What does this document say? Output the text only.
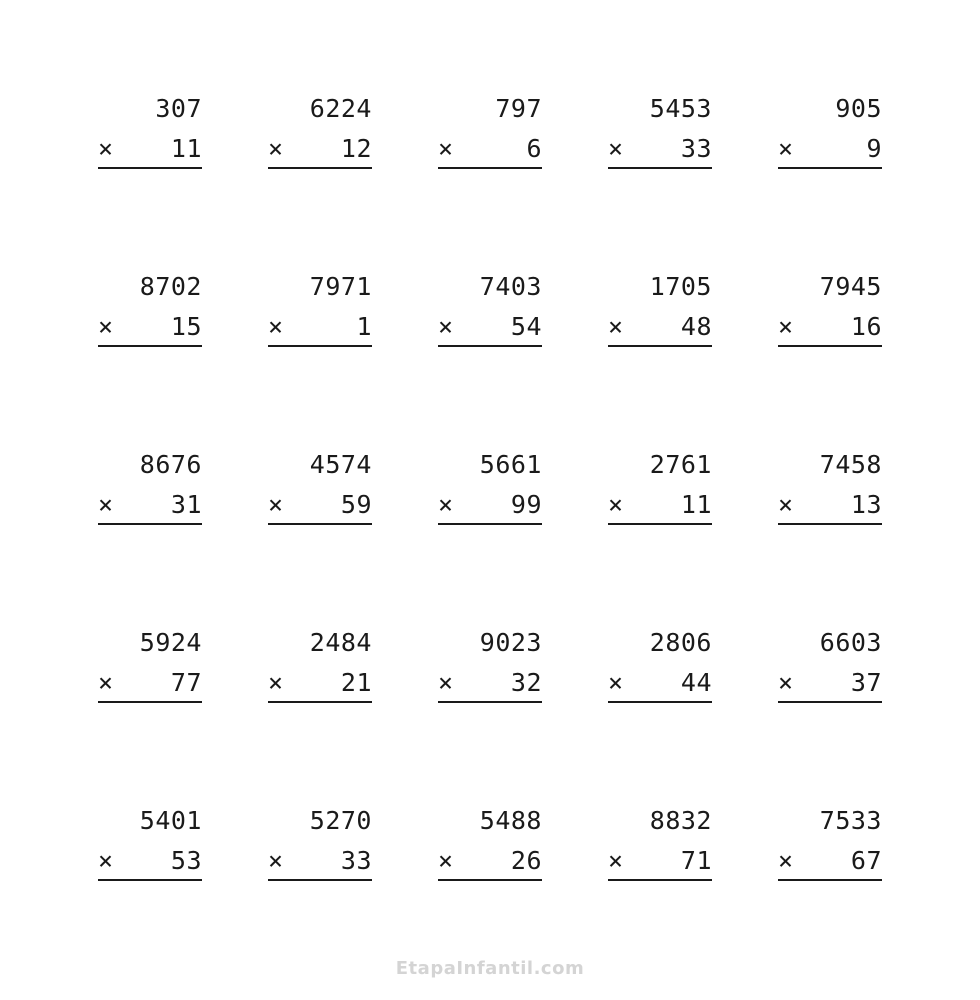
307
× 11
6224
× 12
797
×	6
5453
× 33
905
×	9
8702
× 15
7971
×	1
7403
× 54
1705
× 48
7945
× 16
8676
× 31
4574
× 59
5661
× 99
2761
× 11
7458
× 13
5924
× 77
2484
× 21
9023
× 32
2806
× 44
6603
× 37
5401
× 53
5270
× 33
5488
× 26
8832
× 71
7533
× 67
EtapaInfantil.com
